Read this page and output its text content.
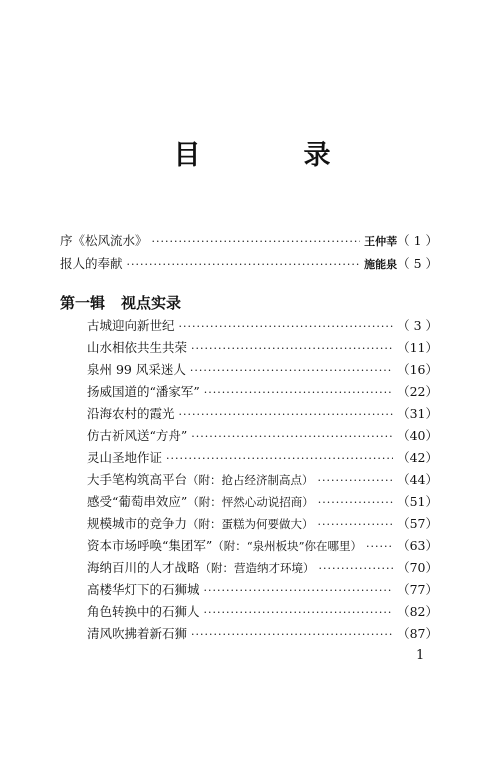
目　录
序《松风流水》 ·····	王仲莘 （ 1 ）
报人的奉献 ·····	施能泉 （ 5 ）
第一辑 视点实录
古城迎向新世纪 ·····	（ 3 ）
山水相依共生共荣 ·····	（11）
泉州 99 风采迷人 ·····	（16）
扬威国道的“潘家军” ·····	（22）
沿海农村的霞光 ·····	（31）
仿古祈风送“方舟” ·····	（40）
灵山圣地作证 ·····	（42）
大手笔构筑高平台 （附：抢占经济制高点） ·····	（44）
感受“葡萄串效应” （附：怦然心动说招商） ·····	（51）
规模城市的竞争力 （附：蛋糕为何要做大） ·····	（57）
资本市场呼唤“集团军” （附：“泉州板块”你在哪里） ·····	（63）
海纳百川的人才战略 （附：营造纳才环境） ·····	（70）
高楼华灯下的石狮城 ·····	（77）
角色转换中的石狮人 ·····	（82）
清风吹拂着新石狮 ·····	（87）
1
